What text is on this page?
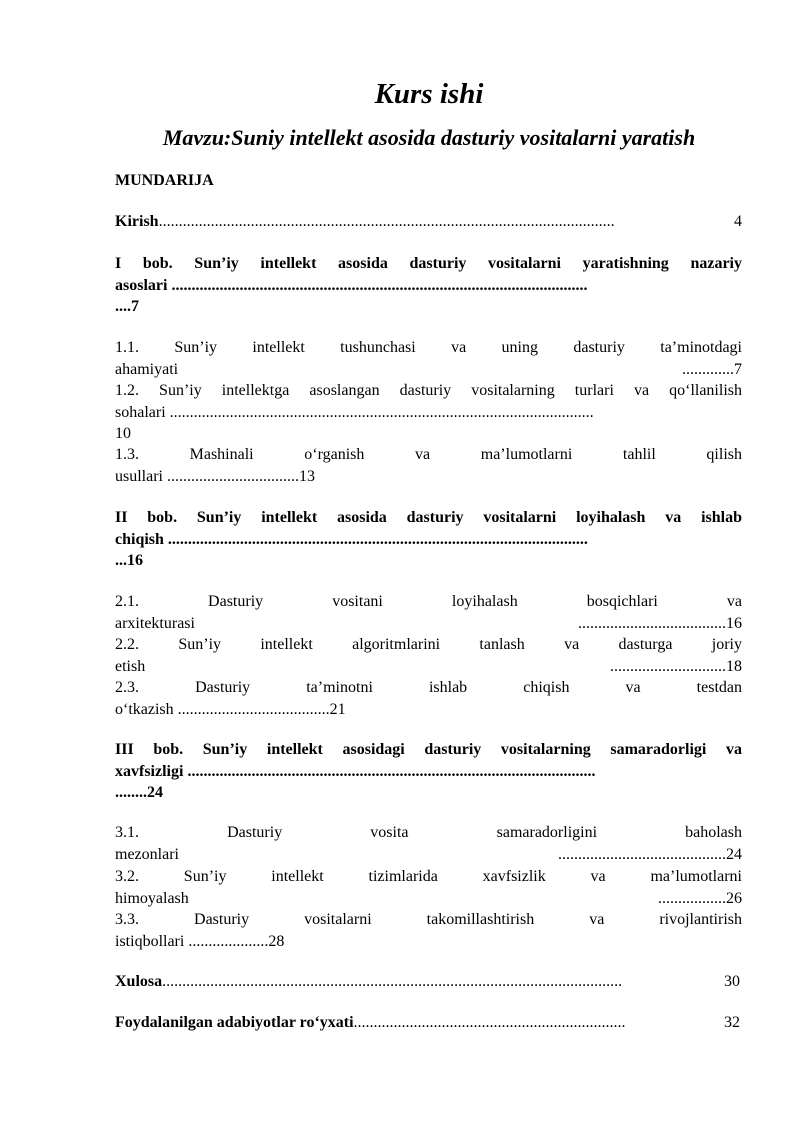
Kurs ishi
Mavzu:Suniy intellekt asosida dasturiy vositalarni yaratish
MUNDARIJA
Kirish ..................................................................................................................	4
I bob. Sun’iy intellekt asosida dasturiy vositalarni yaratishning nazariy
asoslari ........................................................................................................
....7
1.1. Sun’iy intellekt tushunchasi va uning dasturiy ta’minotdagi
ahamiyati	.............7
1.2. Sun’iy intellektga asoslangan dasturiy vositalarning turlari va qo‘llanilish
sohalari ..........................................................................................................
10
1.3. Mashinali o‘rganish va ma’lumotlarni tahlil qilish
usullari .................................13
II bob. Sun’iy intellekt asosida dasturiy vositalarni loyihalash va ishlab
chiqish .........................................................................................................
...16
2.1. Dasturiy vositani loyihalash bosqichlari va
arxitekturasi	.....................................16
2.2. Sun’iy intellekt algoritmlarini tanlash va dasturga joriy
etish	.............................18
2.3. Dasturiy ta’minotni ishlab chiqish va testdan
o‘tkazish ......................................21
III bob. Sun’iy intellekt asosidagi dasturiy vositalarning samaradorligi va
xavfsizligi ......................................................................................................
........24
3.1. Dasturiy vosita samaradorligini baholash
mezonlari	..........................................24
3.2. Sun’iy intellekt tizimlarida xavfsizlik va ma’lumotlarni
himoyalash	.................26
3.3. Dasturiy vositalarni takomillashtirish va rivojlantirish
istiqbollari ....................28
Xulosa ...................................................................................................................	30
Foydalanilgan adabiyotlar ro‘yxati ....................................................................	32
